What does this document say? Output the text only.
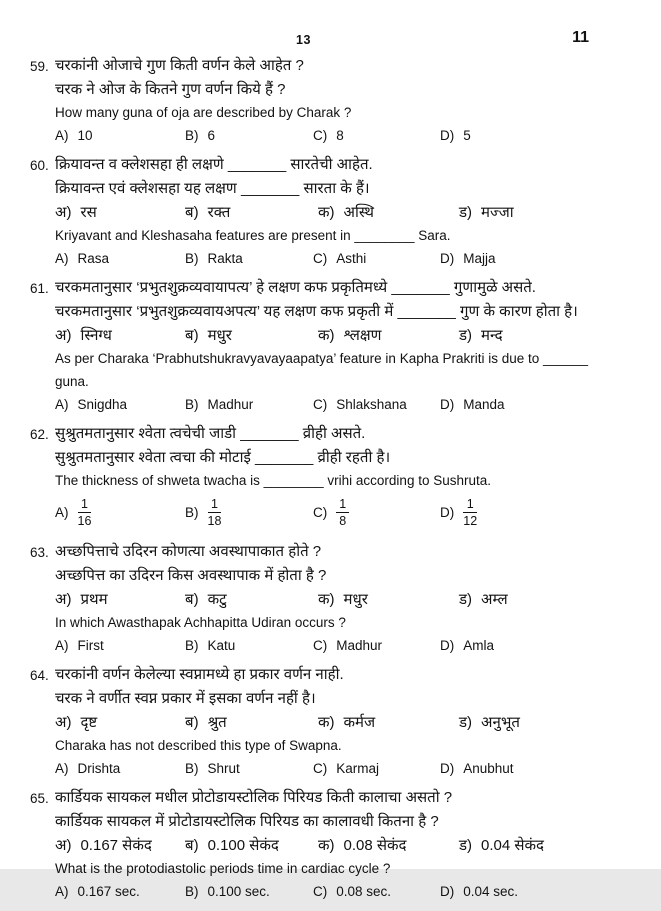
13	11
59. चरकांनी ओजाचे गुण किती वर्णन केले आहेत ?
चरक ने ओज के कितने गुण वर्णन किये हैं ?
How many guna of oja are described by Charak ?
A) 10	B) 6	C) 8	D) 5
60. क्रियावन्त व क्लेशसहा ही लक्षणे _______ सारतेची आहेत.
क्रियावन्त एवं क्लेशसहा यह लक्षण _______ सारता के हैं।
अ) रस	ब) रक्त	क) अस्थि	ड) मज्जा
Kriyavant and Kleshasaha features are present in ________ Sara.
A) Rasa	B) Rakta	C) Asthi	D) Majja
61. चरकमतानुसार ‘प्रभुतशुक्रव्यवायापत्य’ हे लक्षण कफ प्रकृतिमध्ये _______ गुणामुळे असते.
चरकमतानुसार ‘प्रभुतशुक्रव्यवायअपत्य’ यह लक्षण कफ प्रकृती में _______ गुण के कारण होता है।
अ) स्निग्ध	ब) मधुर	क) श्लक्षण	ड) मन्द
As per Charaka ‘Prabhutshukravyavayaapatya’ feature in Kapha Prakriti is due to ______
guna.
A) Snigdha	B) Madhur	C) Shlakshana D) Manda
62. सुश्रुतमतानुसार श्वेता त्वचेची जाडी _______ व्रीही असते.
सुश्रुतमतानुसार श्वेता त्वचा की मोटाई _______ व्रीही रहती है।
The thickness of shweta twacha is ________ vrihi according to Sushruta.
$A) \frac{1}{16}$	$B) \frac{1}{18}$	$C) \frac{1}{8}$	$D) \frac{1}{12}$
63. अच्छपित्ताचे उदिरन कोणत्या अवस्थापाकात होते ?
अच्छपित्त का उदिरन किस अवस्थापाक में होता है ?
अ) प्रथम	ब) कटु	क) मधुर	ड) अम्ल
In which Awasthapak Achhapitta Udiran occurs ?
A) First	B) Katu	C) Madhur	D) Amla
64. चरकांनी वर्णन केलेल्या स्वप्नामध्ये हा प्रकार वर्णन नाही.
चरक ने वर्णीत स्वप्न प्रकार में इसका वर्णन नहीं है।
अ) दृष्ट	ब) श्रुत	क) कर्मज	ड) अनुभूत
Charaka has not described this type of Swapna.
A) Drishta	B) Shrut	C) Karmaj	D) Anubhut
65. कार्डियक सायकल मधील प्रोटोडायस्टोलिक पिरियड किती कालाचा असतो ?
कार्डियक सायकल में प्रोटोडायस्टोलिक पिरियड का कालावधी कितना है ?
अ) 0.167 सेकंद ब) 0.100 सेकंद	क) 0.08 सेकंद	ड) 0.04 सेकंद
What is the protodiastolic periods time in cardiac cycle ?
A) 0.167 sec.	B) 0.100 sec.	C) 0.08 sec.	D) 0.04 sec.
